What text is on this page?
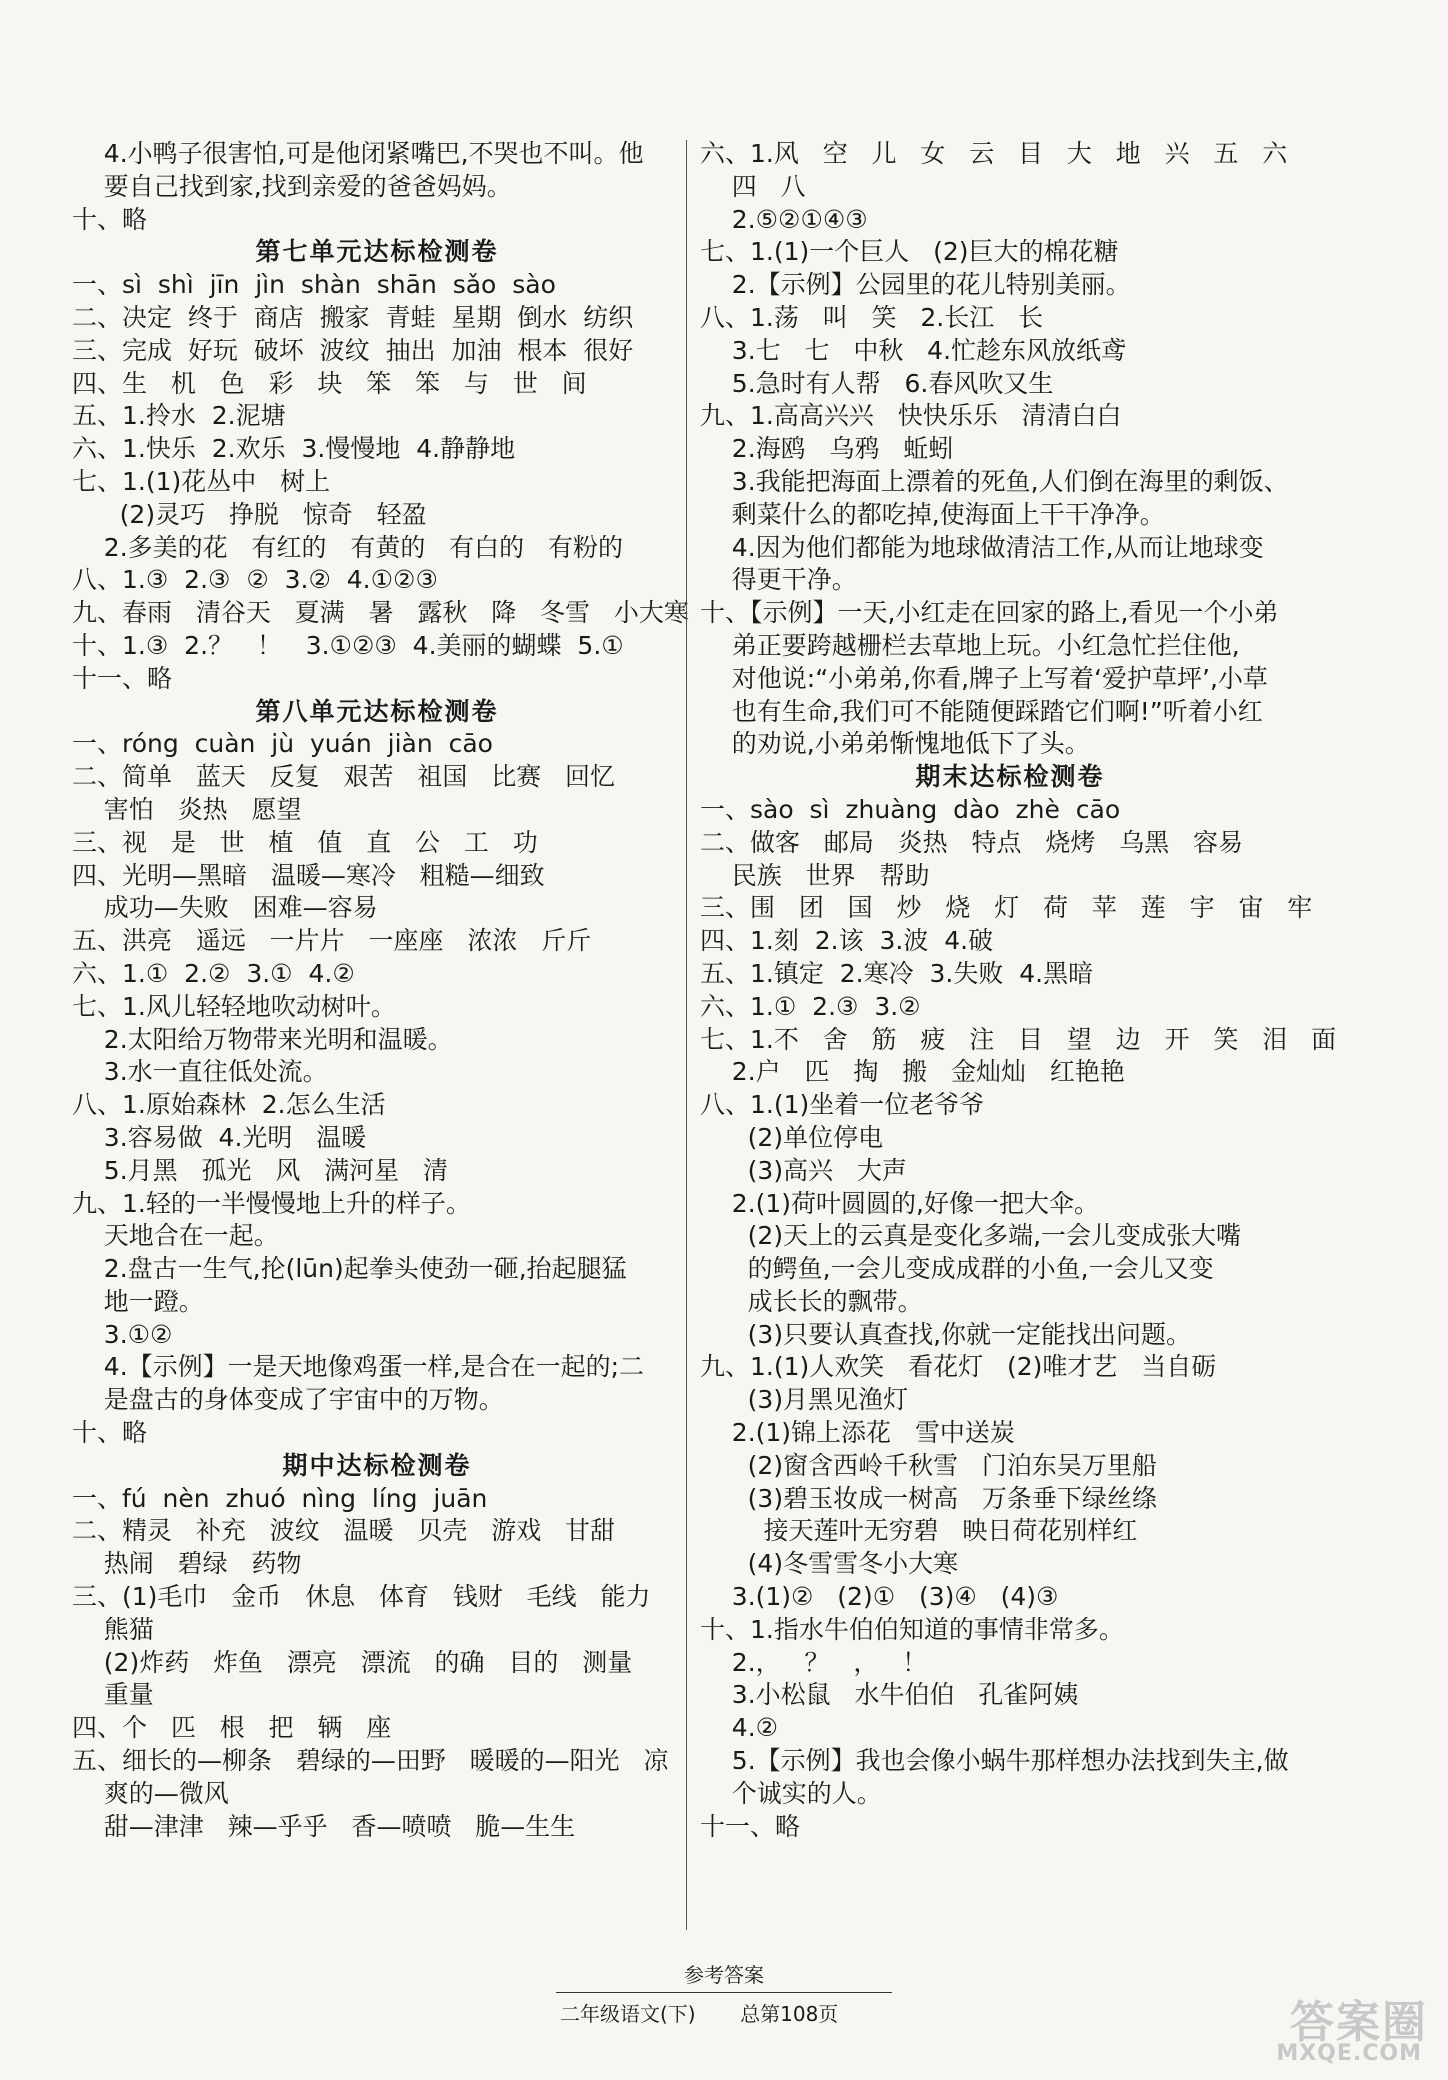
4.小鸭子很害怕,可是他闭紧嘴巴,不哭也不叫。他
要自己找到家,找到亲爱的爸爸妈妈。
十、略
第七单元达标检测卷
一、sì  shì  jīn  jìn  shàn  shān  sǎo  sào
二、决定  终于  商店  搬家  青蛙  星期  倒水  纺织
三、完成  好玩  破坏  波纹  抽出  加油  根本  很好
四、生   机   色   彩   块   笨   笨   与   世   间
五、1.拎水  2.泥塘
六、1.快乐  2.欢乐  3.慢慢地  4.静静地
七、1.(1)花丛中   树上
(2)灵巧   挣脱   惊奇   轻盈
2.多美的花   有红的   有黄的   有白的   有粉的
八、1.③  2.③  ②  3.②  4.①②③
九、春雨   清谷天   夏满   暑   露秋   降   冬雪   小大寒
十、1.③  2.？   ！   3.①②③  4.美丽的蝴蝶  5.①
十一、略
第八单元达标检测卷
一、róng  cuàn  jù  yuán  jiàn  cāo
二、简单   蓝天   反复   艰苦   祖国   比赛   回忆
害怕   炎热   愿望
三、视   是   世   植   值   直   公   工   功
四、光明—黑暗   温暖—寒冷   粗糙—细致
成功—失败   困难—容易
五、洪亮   遥远   一片片   一座座   浓浓   斤斤
六、1.①  2.②  3.①  4.②
七、1.风儿轻轻地吹动树叶。
2.太阳给万物带来光明和温暖。
3.水一直往低处流。
八、1.原始森林  2.怎么生活
3.容易做  4.光明   温暖
5.月黑   孤光   风   满河星   清
九、1.轻的一半慢慢地上升的样子。
天地合在一起。
2.盘古一生气,抡(lūn)起拳头使劲一砸,抬起腿猛
地一蹬。
3.①②
4.【示例】一是天地像鸡蛋一样,是合在一起的;二
是盘古的身体变成了宇宙中的万物。
十、略
期中达标检测卷
一、fú  nèn  zhuó  nìng  líng  juān
二、精灵   补充   波纹   温暖   贝壳   游戏   甘甜
热闹   碧绿   药物
三、(1)毛巾   金币   休息   体育   钱财   毛线   能力
熊猫
(2)炸药   炸鱼   漂亮   漂流   的确   目的   测量
重量
四、个   匹   根   把   辆   座
五、细长的—柳条   碧绿的—田野   暖暖的—阳光   凉
爽的—微风
甜—津津   辣—乎乎   香—喷喷   脆—生生
六、1.风   空   儿   女   云   目   大   地   兴   五   六
四   八
2.⑤②①④③
七、1.(1)一个巨人   (2)巨大的棉花糖
2.【示例】公园里的花儿特别美丽。
八、1.荡   叫   笑   2.长江   长
3.七   七   中秋   4.忙趁东风放纸鸢
5.急时有人帮   6.春风吹又生
九、1.高高兴兴   快快乐乐   清清白白
2.海鸥   乌鸦   蚯蚓
3.我能把海面上漂着的死鱼,人们倒在海里的剩饭、
剩菜什么的都吃掉,使海面上干干净净。
4.因为他们都能为地球做清洁工作,从而让地球变
得更干净。
十、【示例】一天,小红走在回家的路上,看见一个小弟
弟正要跨越栅栏去草地上玩。小红急忙拦住他,
对他说:“小弟弟,你看,牌子上写着‘爱护草坪’,小草
也有生命,我们可不能随便踩踏它们啊!”听着小红
的劝说,小弟弟惭愧地低下了头。
期末达标检测卷
一、sào  sì  zhuàng  dào  zhè  cāo
二、做客   邮局   炎热   特点   烧烤   乌黑   容易
民族   世界   帮助
三、围   团   国   炒   烧   灯   荷   苹   莲   宇   宙   牢
四、1.刻  2.该  3.波  4.破
五、1.镇定  2.寒冷  3.失败  4.黑暗
六、1.①  2.③  3.②
七、1.不   舍   筋   疲   注   目   望   边   开   笑   泪   面
2.户   匹   掏   搬   金灿灿   红艳艳
八、1.(1)坐着一位老爷爷
(2)单位停电
(3)高兴   大声
2.(1)荷叶圆圆的,好像一把大伞。
(2)天上的云真是变化多端,一会儿变成张大嘴
的鳄鱼,一会儿变成成群的小鱼,一会儿又变
成长长的飘带。
(3)只要认真查找,你就一定能找出问题。
九、1.(1)人欢笑   看花灯   (2)唯才艺   当自砺
(3)月黑见渔灯
2.(1)锦上添花   雪中送炭
(2)窗含西岭千秋雪   门泊东吴万里船
(3)碧玉妆成一树高   万条垂下绿丝绦
接天莲叶无穷碧   映日荷花别样红
(4)冬雪雪冬小大寒
3.(1)②   (2)①   (3)④   (4)③
十、1.指水牛伯伯知道的事情非常多。
2.，   ？   ，   ！
3.小松鼠   水牛伯伯   孔雀阿姨
4.②
5.【示例】我也会像小蜗牛那样想办法找到失主,做
个诚实的人。
十一、略
参考答案
二年级语文(下) 总第108页	答案圈
MXQE.COM
